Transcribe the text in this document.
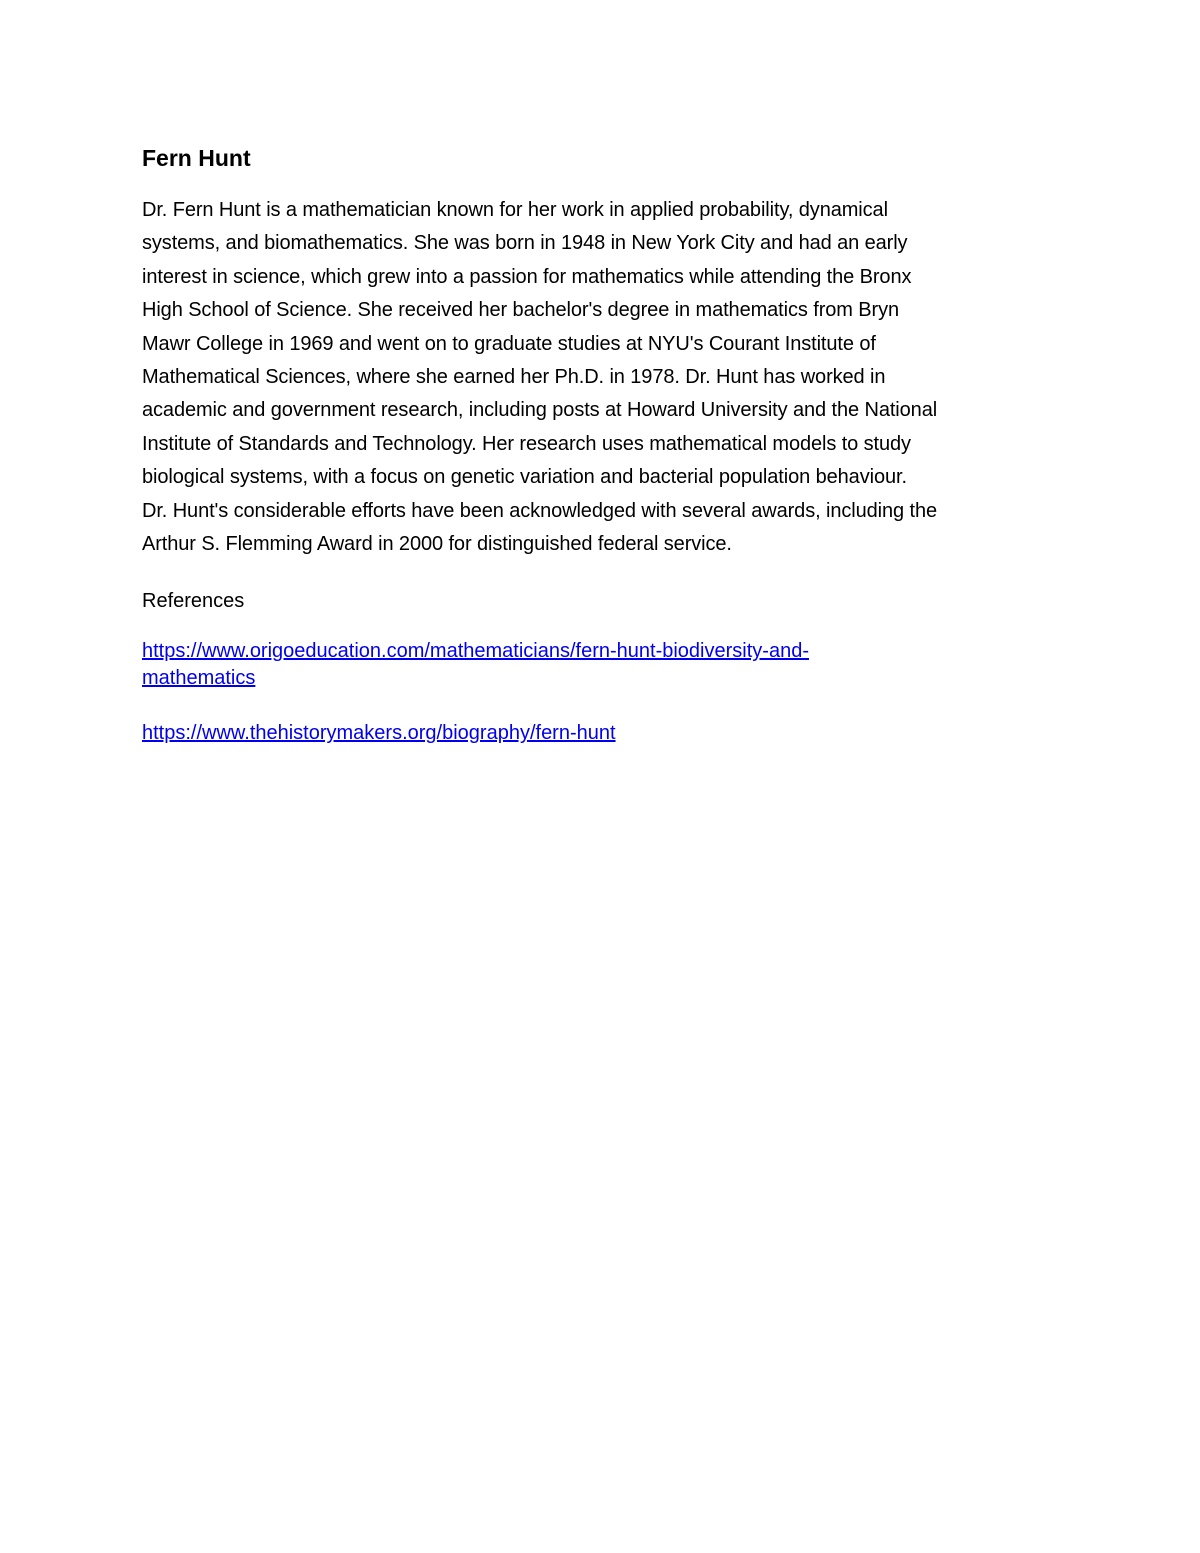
Fern Hunt
Dr. Fern Hunt is a mathematician known for her work in applied probability, dynamical
systems, and biomathematics. She was born in 1948 in New York City and had an early
interest in science, which grew into a passion for mathematics while attending the Bronx
High School of Science. She received her bachelor's degree in mathematics from Bryn
Mawr College in 1969 and went on to graduate studies at NYU's Courant Institute of
Mathematical Sciences, where she earned her Ph.D. in 1978. Dr. Hunt has worked in
academic and government research, including posts at Howard University and the National
Institute of Standards and Technology. Her research uses mathematical models to study
biological systems, with a focus on genetic variation and bacterial population behaviour.
Dr. Hunt's considerable efforts have been acknowledged with several awards, including the
Arthur S. Flemming Award in 2000 for distinguished federal service.
References
https://www.origoeducation.com/mathematicians/fern-hunt-biodiversity-and-
mathematics
https://www.thehistorymakers.org/biography/fern-hunt
